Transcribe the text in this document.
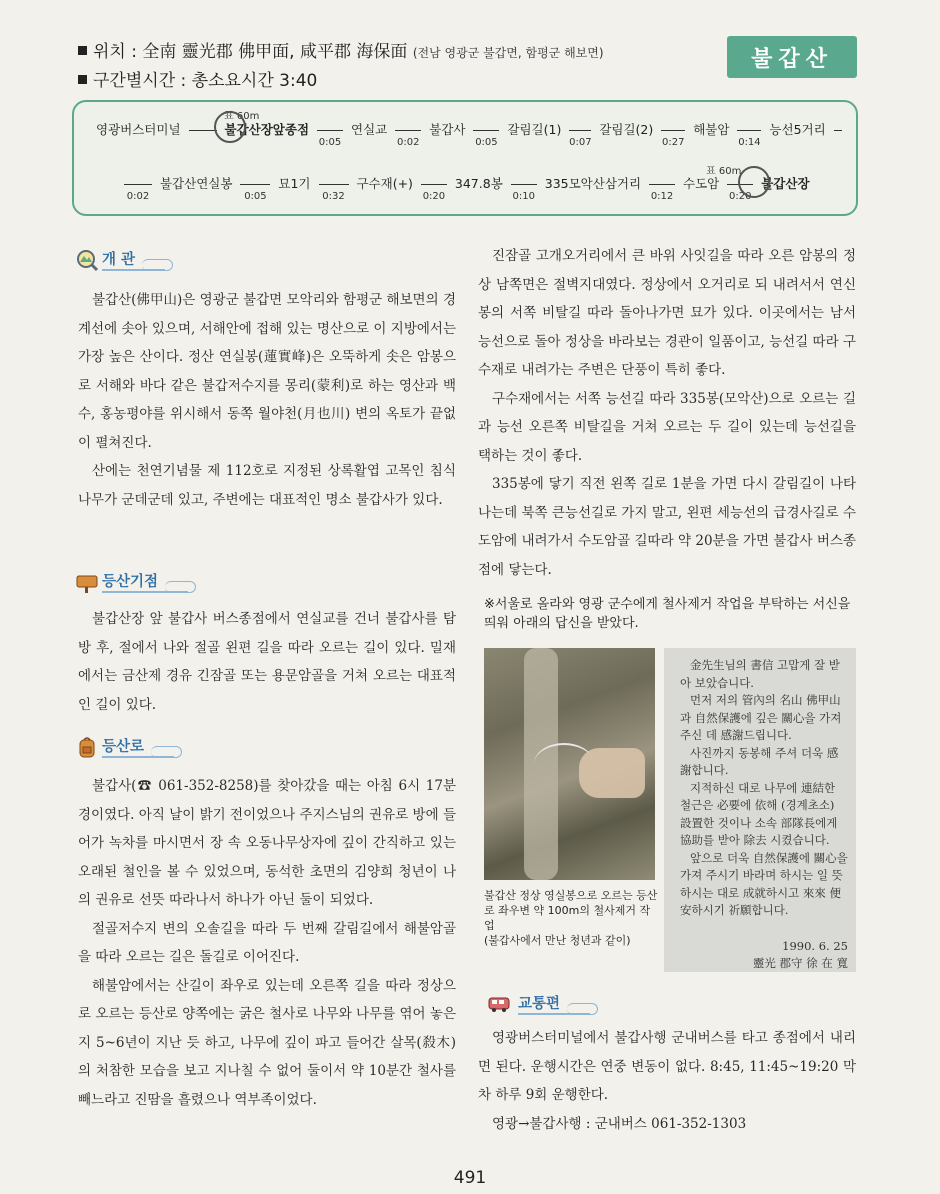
위치 : 全南 靈光郡 佛甲面, 咸平郡 海保面 (전남 영광군 불갑면, 함평군 해보면)
구간별시간 : 총소요시간 3:40
불갑산
영광버스터미널	불갑산장앞종점
0:05
연실교
0:02
불갑사
0:05
갈림길(1)
0:07
갈림길(2)
0:27
해불암
0:14
능선5거리
표 60m
0:02
불갑산연실봉
0:05
묘1기
0:32
구수재(+)
0:20
347.8봉
0:10
335모악산삼거리
0:12
수도암
0:20
불갑산장
표 60m
개 관

불갑산(佛甲山)은 영광군 불갑면 모악리와 함평군 해보면의 경계선에 솟아 있으며, 서해안에 접해 있는 명산으로 이 지방에서는 가장 높은 산이다. 정산 연실봉(蓮實峰)은 오뚝하게 솟은 암봉으로 서해와 바다 같은 불갑저수지를 몽리(蒙利)로 하는 영산과 백수, 홍농평야를 위시해서 동쪽 월야천(月也川) 변의 옥토가 끝없이 펼쳐진다.

산에는 천연기념물 제 112호로 지정된 상록활엽 고목인 침식나무가 군데군데 있고, 주변에는 대표적인 명소 불갑사가 있다.

등산기점

불갑산장 앞 불갑사 버스종점에서 연실교를 건너 불갑사를 탐방 후, 절에서 나와 절골 왼편 길을 따라 오르는 길이 있다. 밀재에서는 금산제 경유 긴잠골 또는 용문암골을 거쳐 오르는 대표적인 길이 있다.

등산로

불갑사(☎ 061-352-8258)를 찾아갔을 때는 아침 6시 17분 경이였다. 아직 날이 밝기 전이었으나 주지스님의 권유로 방에 들어가 녹차를 마시면서 장 속 오동나무상자에 깊이 간직하고 있는 오래된 철인을 볼 수 있었으며, 동석한 초면의 김양희 청년이 나의 권유로 선뜻 따라나서 하나가 아닌 둘이 되었다.

절골저수지 변의 오솔길을 따라 두 번째 갈림길에서 해불암골을 따라 오르는 길은 돌길로 이어진다.

해불암에서는 산길이 좌우로 있는데 오른쪽 길을 따라 정상으로 오르는 등산로 양쪽에는 굵은 철사로 나무와 나무를 엮어 놓은 지 5~6년이 지난 듯 하고, 나무에 깊이 파고 들어간 살목(殺木)의 처참한 모습을 보고 지나칠 수 없어 둘이서 약 10분간 철사를 빼느라고 진땀을 흘렸으나 역부족이었다.

진잠골 고개오거리에서 큰 바위 사잇길을 따라 오른 암봉의 정상 남쪽면은 절벽지대였다. 정상에서 오거리로 되 내려서서 연신봉의 서쪽 비탈길 따라 돌아나가면 묘가 있다. 이곳에서는 남서 능선으로 돌아 정상을 바라보는 경관이 일품이고, 능선길 따라 구수재로 내려가는 주변은 단풍이 특히 좋다.

구수재에서는 서쪽 능선길 따라 335봉(모악산)으로 오르는 길과 능선 오른쪽 비탈길을 거쳐 오르는 두 길이 있는데 능선길을 택하는 것이 좋다.

335봉에 닿기 직전 왼쪽 길로 1분을 가면 다시 갈림길이 나타나는데 북쪽 큰능선길로 가지 말고, 왼편 세능선의 급경사길로 수도암에 내려가서 수도암골 길따라 약 20분을 가면 불갑사 버스종점에 닿는다.

※서울로 올라와 영광 군수에게 철사제거 작업을 부탁하는 서신을 띄워 아래의 답신을 받았다.
불갑산 정상 영실봉으로 오르는 등산로 좌우변 약 100m의 철사제거 작업
(불갑사에서 만난 청년과 같이)

金先生님의 書信 고맙게 잘 받아 보았습니다.

먼저 저의 管內의 名山 佛甲山과 自然保護에 깊은 關心을 가져 주신 데 感謝드립니다.

사진까지 동봉해 주셔 더욱 感謝합니다.

지적하신 대로 나무에 連結한 철근은 必要에 依해 (경계초소) 設置한 것이나 소속 部隊長에게 協助를 받아 除去 시켰습니다.

앞으로 더욱 自然保護에 關心을 가져 주시기 바라며 하시는 일 뜻하시는 대로 成就하시고 來來 便安하시기 祈願합니다.

1990. 6. 25
靈光 郡守 徐 在 寬
교통편

영광버스터미널에서 불갑사행 군내버스를 타고 종점에서 내리면 된다. 운행시간은 연중 변동이 없다. 8:45, 11:45~19:20 막차 하루 9회 운행한다.

영광→불갑사행 : 군내버스 061-352-1303

491
